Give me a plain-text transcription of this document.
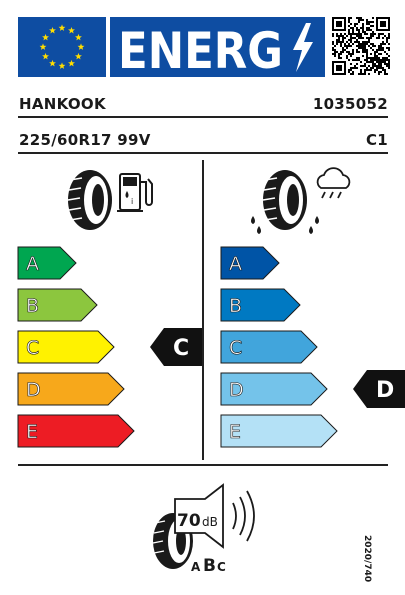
ENERG
HANKOOK	1035052
225/60R17 99V	C1
ⅰ
A
B
C	C
D
E
A
B
C
D	D
E
70 dB
A B C	2020/740
